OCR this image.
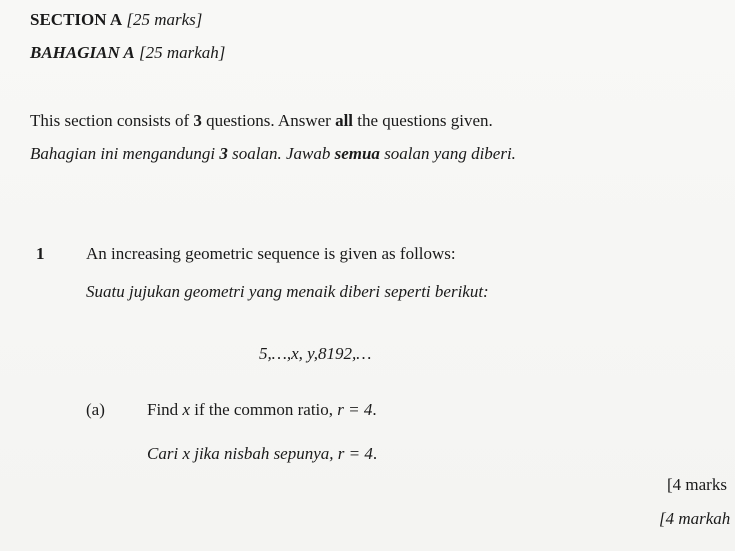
SECTION A [25 marks]
BAHAGIAN A [25 markah]
This section consists of 3 questions. Answer all the questions given.
Bahagian ini mengandungi 3 soalan. Jawab semua soalan yang diberi.
1 An increasing geometric sequence is given as follows:
Suatu jujukan geometri yang menaik diberi seperti berikut:
5,…,x, y,8192,…
(a) Find x if the common ratio, r = 4.
Cari x jika nisbah sepunya, r = 4.
[4 marks
[4 markah
